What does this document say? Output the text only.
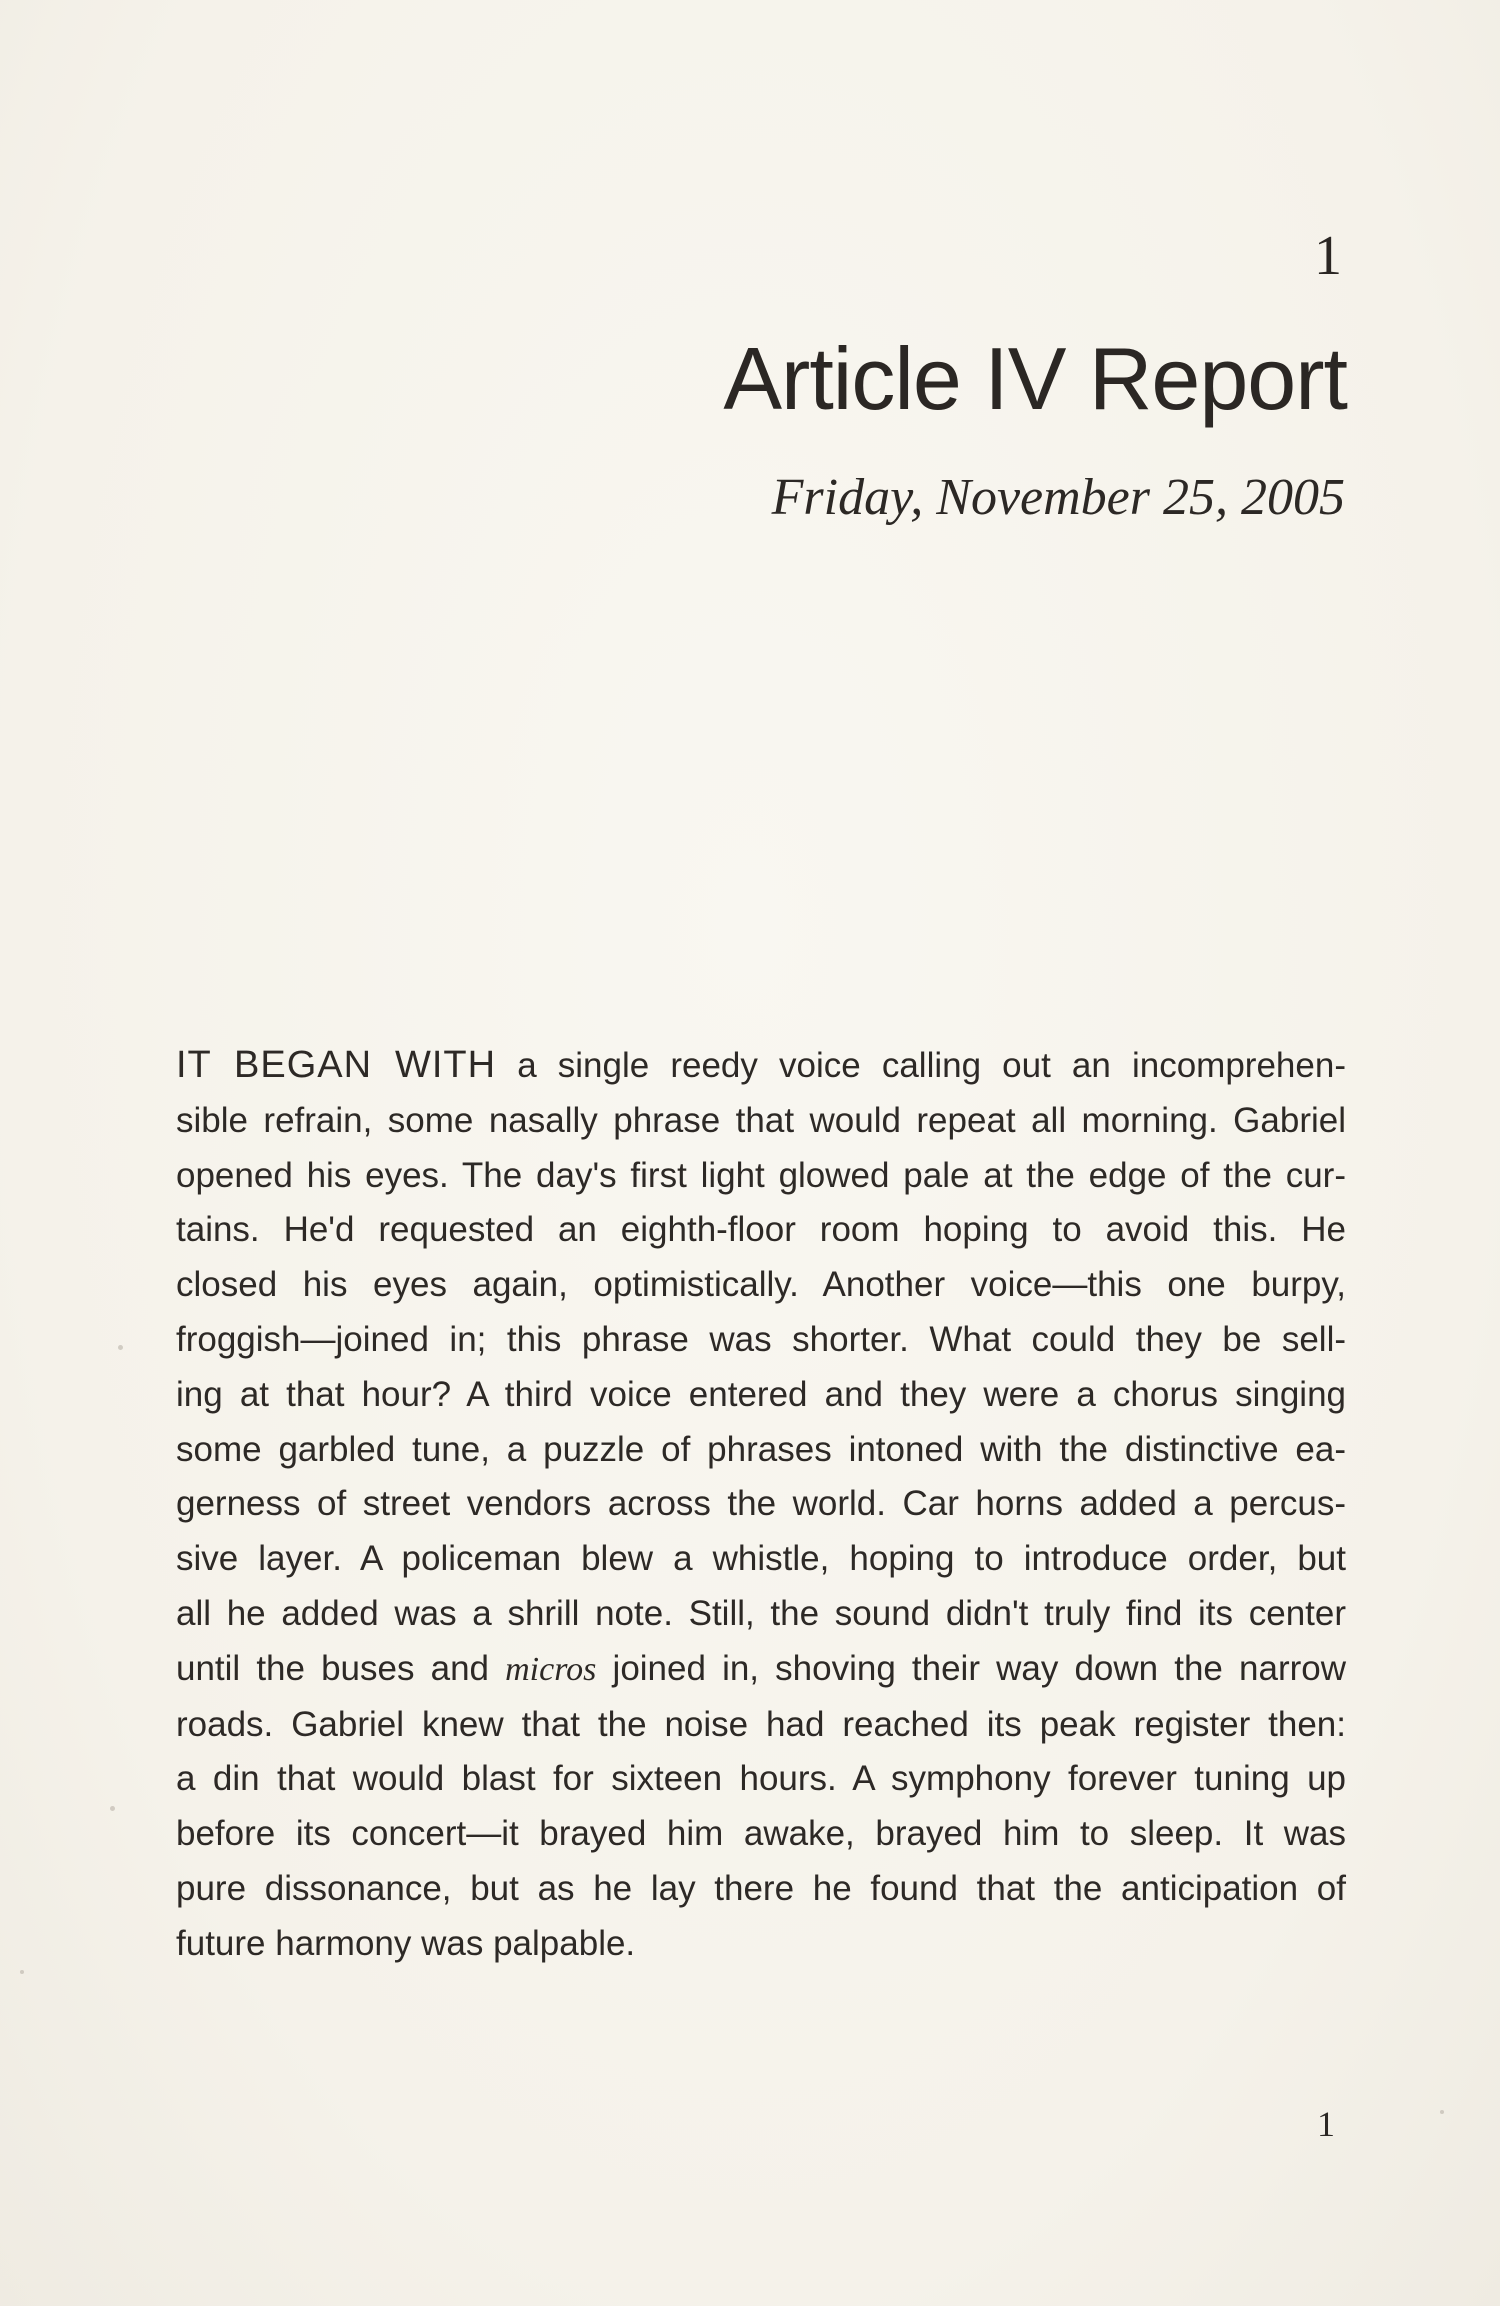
1
Article IV Report
Friday, November 25, 2005
IT BEGAN WITH a single reedy voice calling out an incomprehen-
sible refrain, some nasally phrase that would repeat all morning. Gabriel
opened his eyes. The day's first light glowed pale at the edge of the cur-
tains. He'd requested an eighth-floor room hoping to avoid this. He
closed his eyes again, optimistically. Another voice—this one burpy,
froggish—joined in; this phrase was shorter. What could they be sell-
ing at that hour? A third voice entered and they were a chorus singing
some garbled tune, a puzzle of phrases intoned with the distinctive ea-
gerness of street vendors across the world. Car horns added a percus-
sive layer. A policeman blew a whistle, hoping to introduce order, but
all he added was a shrill note. Still, the sound didn't truly find its center
until the buses and micros joined in, shoving their way down the narrow
roads. Gabriel knew that the noise had reached its peak register then:
a din that would blast for sixteen hours. A symphony forever tuning up
before its concert—it brayed him awake, brayed him to sleep. It was
pure dissonance, but as he lay there he found that the anticipation of
future harmony was palpable.
1
